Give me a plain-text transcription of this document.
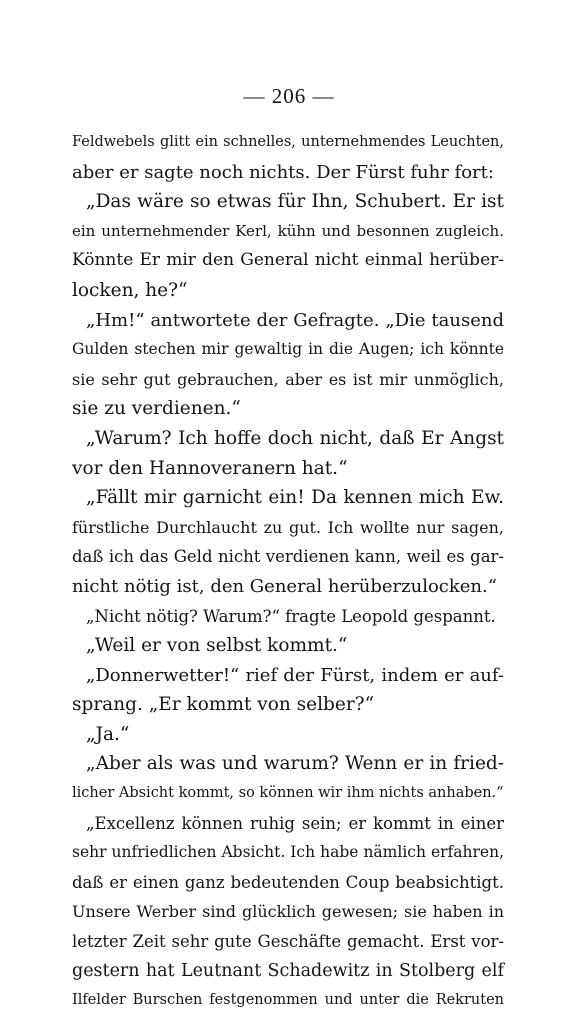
— 206 —
Feldwebels glitt ein schnelles, unternehmendes Leuchten,
aber er sagte noch nichts. Der Fürst fuhr fort:
„Das wäre so etwas für Ihn, Schubert. Er ist
ein unternehmender Kerl, kühn und besonnen zugleich.
Könnte Er mir den General nicht einmal herüber-
locken, he?“
„Hm!“ antwortete der Gefragte. „Die tausend
Gulden stechen mir gewaltig in die Augen; ich könnte
sie sehr gut gebrauchen, aber es ist mir unmöglich,
sie zu verdienen.“
„Warum? Ich hoffe doch nicht, daß Er Angst
vor den Hannoveranern hat.“
„Fällt mir garnicht ein! Da kennen mich Ew.
fürstliche Durchlaucht zu gut. Ich wollte nur sagen,
daß ich das Geld nicht verdienen kann, weil es gar-
nicht nötig ist, den General herüberzulocken.“
„Nicht nötig? Warum?“ fragte Leopold gespannt.
„Weil er von selbst kommt.“
„Donnerwetter!“ rief der Fürst, indem er auf-
sprang. „Er kommt von selber?“
„Ja.“
„Aber als was und warum? Wenn er in fried-
licher Absicht kommt, so können wir ihm nichts anhaben.“
„Excellenz können ruhig sein; er kommt in einer
sehr unfriedlichen Absicht. Ich habe nämlich erfahren,
daß er einen ganz bedeutenden Coup beabsichtigt.
Unsere Werber sind glücklich gewesen; sie haben in
letzter Zeit sehr gute Geschäfte gemacht. Erst vor-
gestern hat Leutnant Schadewitz in Stolberg elf
Ilfelder Burschen festgenommen und unter die Rekruten
